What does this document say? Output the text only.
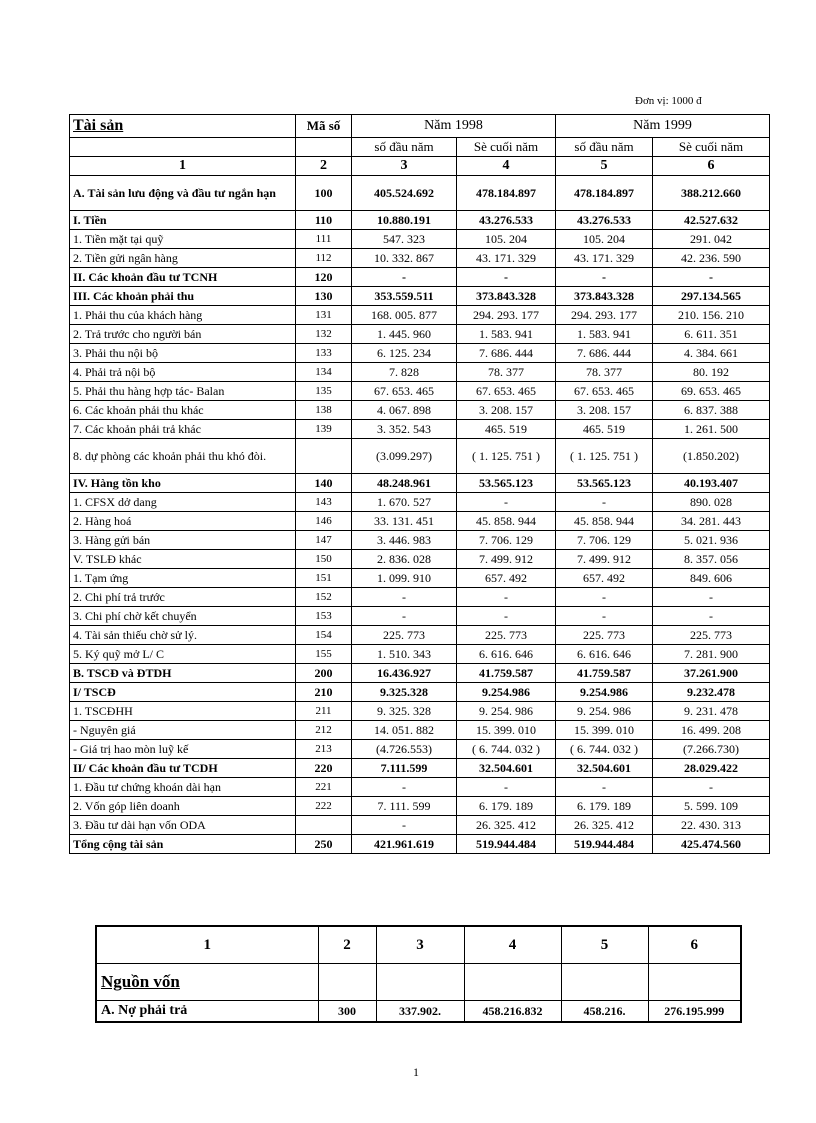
Đơn vị: 1000 đ
Tài sản	Mã số	Năm 1998		Năm 1999	
		số đầu năm	Sè cuối năm	số đầu năm	Sè cuối năm
1	2	3	4	5	6
A. Tài sản lưu động và đầu tư ngắn hạn	100	405.524.692	478.184.897	478.184.897	388.212.660
I. Tiền	110	10.880.191	43.276.533	43.276.533	42.527.632
1. Tiền mặt tại quỹ	111	547. 323	105. 204	105. 204	291. 042
2. Tiền gửi ngân hàng	112	10. 332. 867	43. 171. 329	43. 171. 329	42. 236. 590
II. Các khoản đầu tư TCNH	120	-	-	-	-
III. Các khoản phải thu	130	353.559.511	373.843.328	373.843.328	297.134.565
1. Phải thu của khách hàng	131	168. 005. 877	294. 293. 177	294. 293. 177	210. 156. 210
2. Trả trước cho người bán	132	1. 445. 960	1. 583. 941	1. 583. 941	6. 611. 351
3. Phải thu nội bộ	133	6. 125. 234	7. 686. 444	7. 686. 444	4. 384. 661
4. Phải trả nội bộ	134	7. 828	78. 377	78. 377	80. 192
5. Phải thu hàng hợp tác- Balan	135	67. 653. 465	67. 653. 465	67. 653. 465	69. 653. 465
6. Các khoản phải thu khác	138	4. 067. 898	3. 208. 157	3. 208. 157	6. 837. 388
7. Các khoản phải trả khác	139	3. 352. 543	465. 519	465. 519	1. 261. 500
8. dự phòng các khoản phải thu khó đòi.		(3.099.297)	( 1. 125. 751 )	( 1. 125. 751 )	(1.850.202)
IV. Hàng tồn kho	140	48.248.961	53.565.123	53.565.123	40.193.407
1. CFSX dở dang	143	1. 670. 527	-	-	890. 028
2. Hàng hoá	146	33. 131. 451	45. 858. 944	45. 858. 944	34. 281. 443
3. Hàng gửi bán	147	3. 446. 983	7. 706. 129	7. 706. 129	5. 021. 936
V. TSLĐ khác	150	2. 836. 028	7. 499. 912	7. 499. 912	8. 357. 056
1. Tạm ứng	151	1. 099. 910	657. 492	657. 492	849. 606
2. Chi phí trả trước	152	-	-	-	-
3. Chi phí chờ kết chuyển	153	-	-	-	-
4. Tài sản thiếu chờ sử lý.	154	225. 773	225. 773	225. 773	225. 773
5. Ký quỹ mở L/ C	155	1. 510. 343	6. 616. 646	6. 616. 646	7. 281. 900
B. TSCĐ và ĐTDH	200	16.436.927	41.759.587	41.759.587	37.261.900
I/ TSCĐ	210	9.325.328	9.254.986	9.254.986	9.232.478
1. TSCĐHH	211	9. 325. 328	9. 254. 986	9. 254. 986	9. 231. 478
- Nguyên giá	212	14. 051. 882	15. 399. 010	15. 399. 010	16. 499. 208
- Giá trị hao mòn luỹ kế	213	(4.726.553)	( 6. 744. 032 )	( 6. 744. 032 )	(7.266.730)
II/ Các khoản đầu tư TCDH	220	7.111.599	32.504.601	32.504.601	28.029.422
1. Đầu tư chứng khoán dài hạn	221	-	-	-	-
2. Vốn góp liên doanh	222	7. 111. 599	6. 179. 189	6. 179. 189	5. 599. 109
3. Đầu tư dài hạn vốn ODA		-	26. 325. 412	26. 325. 412	22. 430. 313
Tổng cộng tài sản	250	421.961.619	519.944.484	519.944.484	425.474.560
1	2	3	4	5	6
Nguồn vốn					
A. Nợ phải trả	300	337.902.	458.216.832	458.216.	276.195.999
1
